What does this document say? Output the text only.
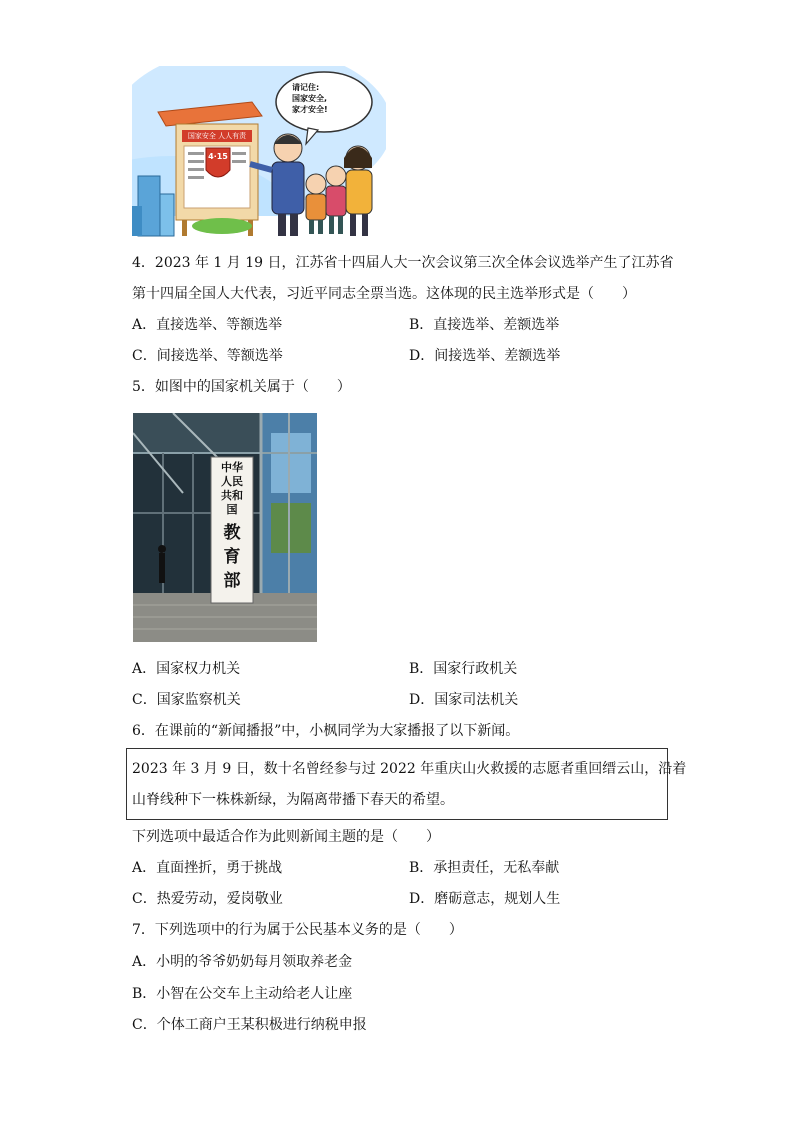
国家安全 人人有责
4·15
请记住:
国家安全,
家才安全!
4．2023 年 1 月 19 日，江苏省十四届人大一次会议第三次全体会议选举产生了江苏省
第十四届全国人大代表，习近平同志全票当选。这体现的民主选举形式是（　　）
A．直接选举、等额选举	B．直接选举、差额选举
C．间接选举、等额选举	D．间接选举、差额选举
5．如图中的国家机关属于（　　）
中华
人民
共和
国
教
育
部
A．国家权力机关	B．国家行政机关
C．国家监察机关	D．国家司法机关
6．在课前的“新闻播报”中，小枫同学为大家播报了以下新闻。
2023 年 3 月 9 日，数十名曾经参与过 2022 年重庆山火救援的志愿者重回缙云山，沿着
山脊线种下一株株新绿，为隔离带播下春天的希望。
下列选项中最适合作为此则新闻主题的是（　　）
A．直面挫折，勇于挑战	B．承担责任，无私奉献
C．热爱劳动，爱岗敬业	D．磨砺意志，规划人生
7．下列选项中的行为属于公民基本义务的是（　　）
A．小明的爷爷奶奶每月领取养老金
B．小智在公交车上主动给老人让座
C．个体工商户王某积极进行纳税申报
